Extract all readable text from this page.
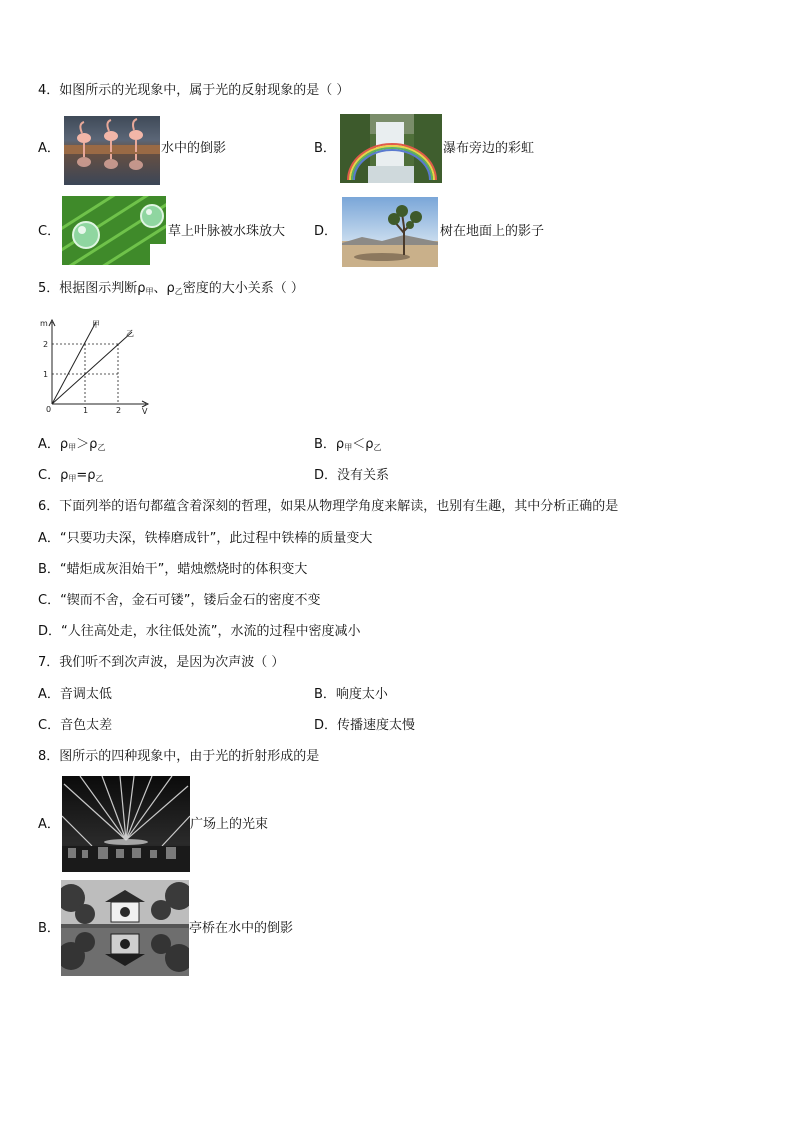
4．如图所示的光现象中，属于光的反射现象的是（ ）
A．	水中的倒影	B．	瀑布旁边的彩虹
C．	草上叶脉被水珠放大 D．	树在地面上的影子
5．根据图示判断$\rho_甲$、$\rho_乙$密度的大小关系（ ）
m
V
0
1
2
1	2
甲
乙
A．$\rho_甲>\rho_乙$	B．$\rho_甲<\rho_乙$
C．$\rho_甲=\rho_乙$	D．没有关系
6．下面列举的语句都蕴含着深刻的哲理，如果从物理学角度来解读，也别有生趣，其中分析正确的是
A．“只要功夫深，铁棒磨成针”，此过程中铁棒的质量变大
B．“蜡炬成灰泪始干”，蜡烛燃烧时的体积变大
C．“锲而不舍，金石可镂”，镂后金石的密度不变
D．“人往高处走，水往低处流”，水流的过程中密度减小
7．我们听不到次声波，是因为次声波（ ）
A．音调太低	B．响度太小
C．音色太差	D．传播速度太慢
8．图所示的四种现象中，由于光的折射形成的是
A．	广场上的光束
B．	亭桥在水中的倒影
